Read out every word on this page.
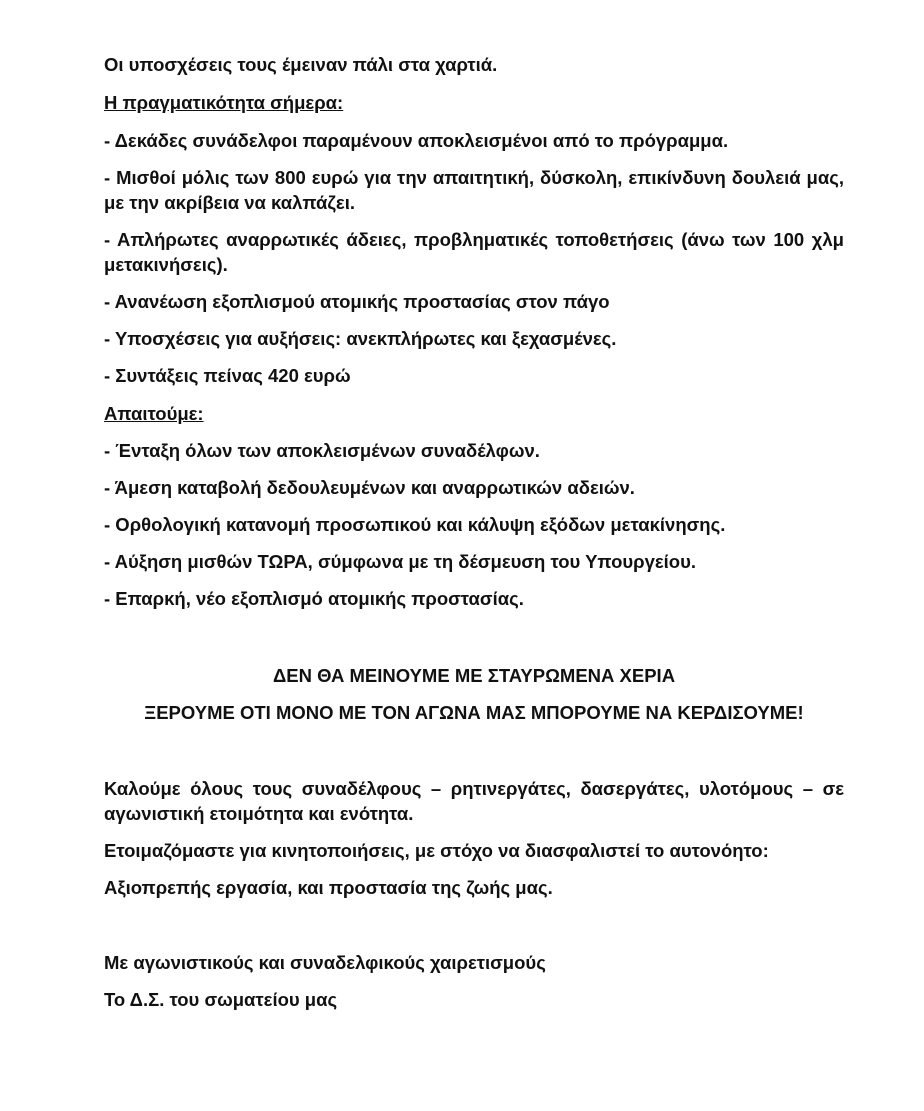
Οι υποσχέσεις τους έμειναν πάλι στα χαρτιά.

Η πραγματικότητα σήμερα:

- Δεκάδες συνάδελφοι παραμένουν αποκλεισμένοι από το πρόγραμμα.

- Μισθοί μόλις των 800 ευρώ για την απαιτητική, δύσκολη, επικίνδυνη δουλειά μας, με την ακρίβεια να καλπάζει.

- Απλήρωτες αναρρωτικές άδειες, προβληματικές τοποθετήσεις (άνω των 100 χλμ μετακινήσεις).

- Ανανέωση εξοπλισμού ατομικής προστασίας στον πάγο

- Υποσχέσεις για αυξήσεις: ανεκπλήρωτες και ξεχασμένες.

- Συντάξεις πείνας 420 ευρώ

Απαιτούμε:

- Ένταξη όλων των αποκλεισμένων συναδέλφων.

- Άμεση καταβολή δεδουλευμένων και αναρρωτικών αδειών.

- Ορθολογική κατανομή προσωπικού και κάλυψη εξόδων μετακίνησης.

- Αύξηση μισθών ΤΩΡΑ, σύμφωνα με τη δέσμευση του Υπουργείου.

- Επαρκή, νέο εξοπλισμό ατομικής προστασίας.

ΔΕΝ ΘΑ ΜΕΙΝΟΥΜΕ ΜΕ ΣΤΑΥΡΩΜΕΝΑ ΧΕΡΙΑ

ΞΕΡΟΥΜΕ ΟΤΙ ΜΟΝΟ ΜΕ ΤΟΝ ΑΓΩΝΑ ΜΑΣ ΜΠΟΡΟΥΜΕ ΝΑ ΚΕΡΔΙΣΟΥΜΕ!

Καλούμε όλους τους συναδέλφους – ρητινεργάτες, δασεργάτες, υλοτόμους – σε αγωνιστική ετοιμότητα και ενότητα.

Ετοιμαζόμαστε για κινητοποιήσεις, με στόχο να διασφαλιστεί το αυτονόητο:

Αξιοπρεπής εργασία, και προστασία της ζωής μας.

Με αγωνιστικούς και συναδελφικούς χαιρετισμούς

Το Δ.Σ. του σωματείου μας
